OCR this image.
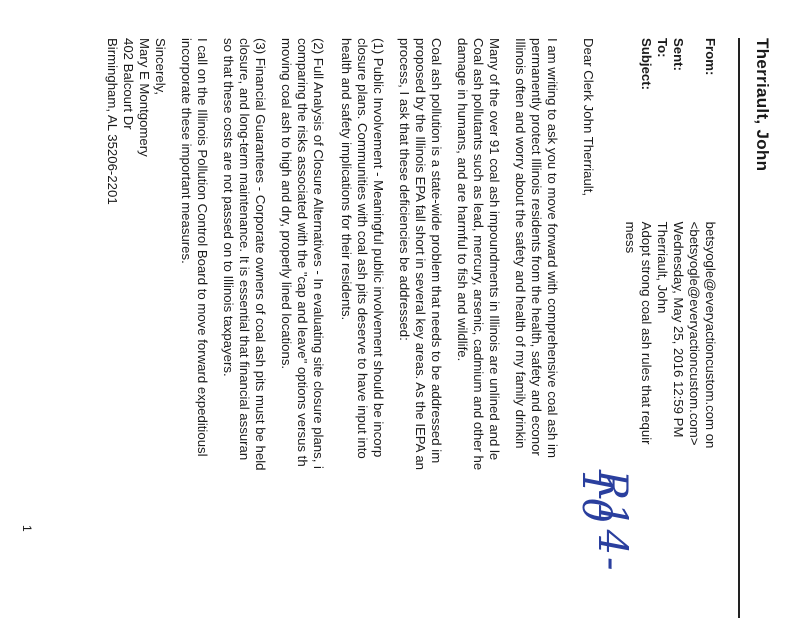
Therriault, John
From:
betsyogle@everyactioncustom.com on
<betsyogle@everyactioncustom.com>
Sent: Wednesday, May 25, 2016 12:59 PM
To: Therriault, John
Subject:
Adopt strong coal ash rules that requir
mess
R14-10
Dear Clerk John Therriault,
I am writing to ask you to move forward with comprehensive coal ash im
permanently protect Illinois residents from the health, safety and econor
Illinois often and worry about the safety and health of my family drinkin
Many of the over 91 coal ash impoundments in Illinois are unlined and le
Coal ash pollutants such as lead, mercury, arsenic, cadmium and other he
damage in humans, and are harmful to fish and wildlife.
Coal ash pollution is a state-wide problem that needs to be addressed im
proposed by the Illinois EPA fall short in several key areas. As the IEPA an
process, I ask that these deficiencies be addressed:
(1) Public Involvement - Meaningful public involvement should be incorp
closure plans. Communities with coal ash pits deserve to have input into
health and safety implications for their residents.
(2) Full Analysis of Closure Alternatives - In evaluating site closure plans, i
comparing the risks associated with the "cap and leave" options versus th
moving coal ash to high and dry, properly lined locations.
(3) Financial Guarantees - Corporate owners of coal ash pits must be held
closure, and long-term maintenance. It is essential that financial assuran
so that these costs are not passed on to Illinois taxpayers.
I call on the Illinois Pollution Control Board to move forward expeditiousl
incorporate these important measures.
Sincerely,
Mary E Montgomery
402 Balcourt Dr
Birmingham, AL 35206-2201
1
